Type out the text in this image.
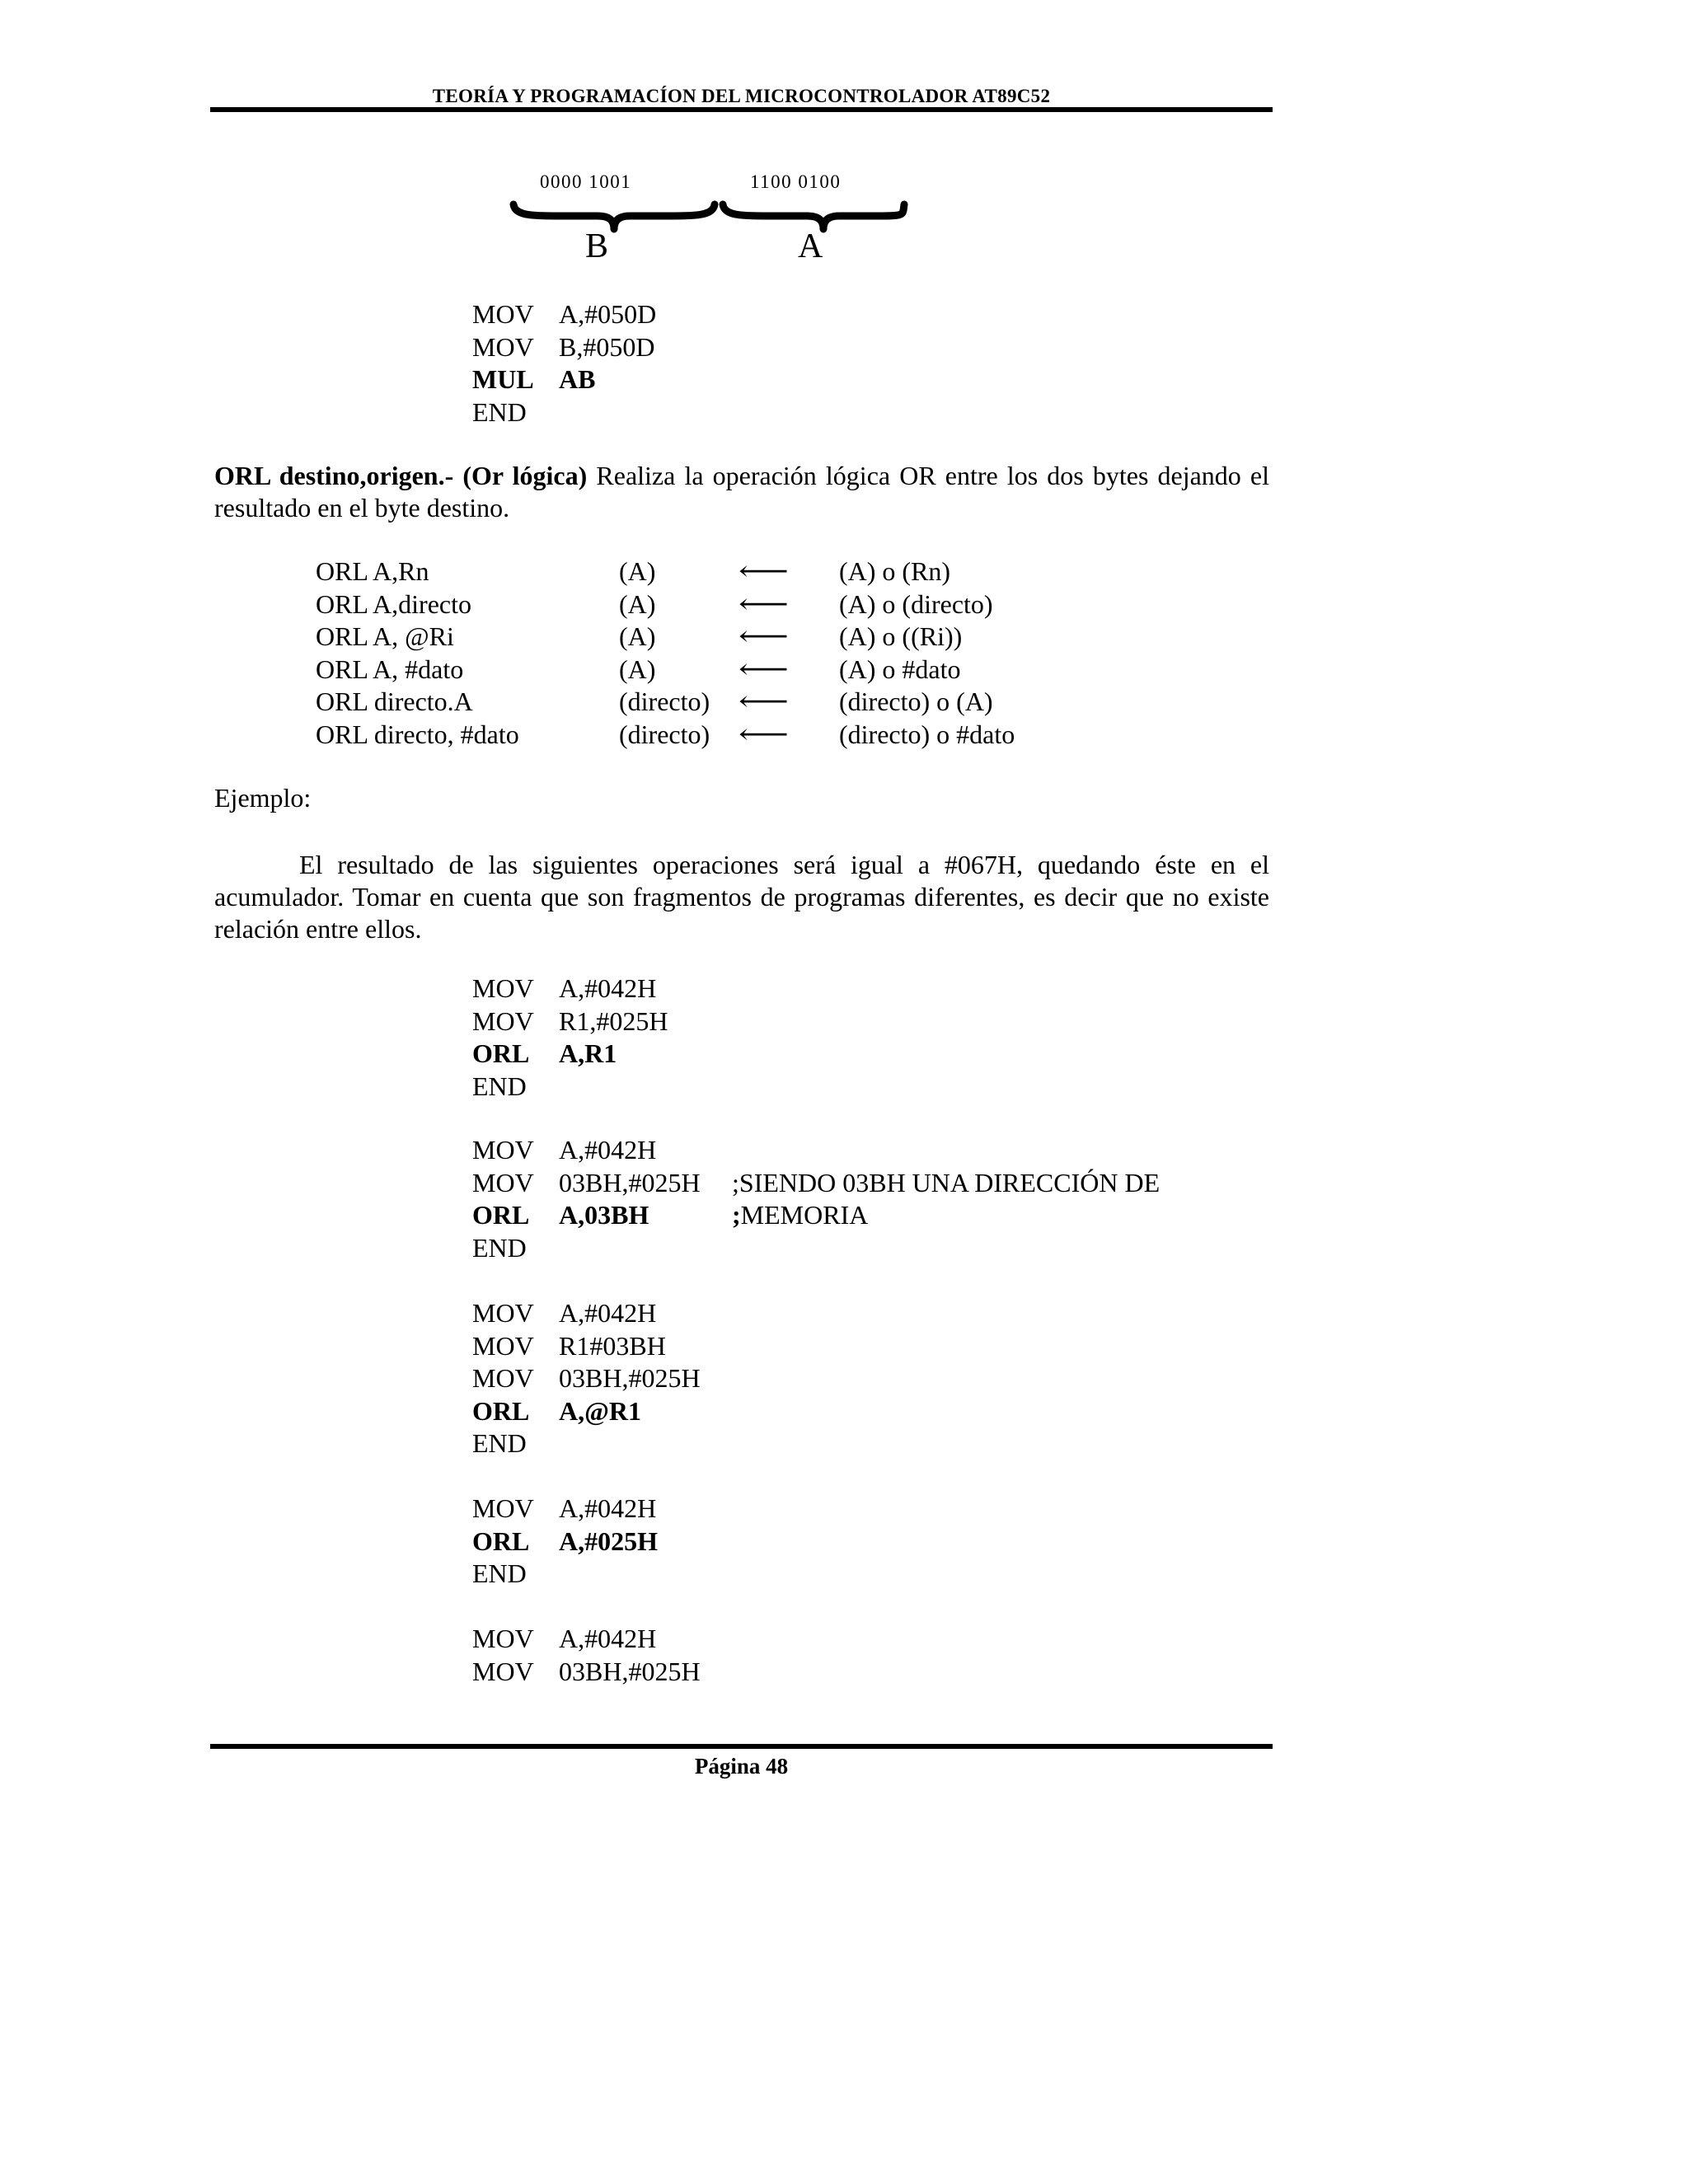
TEORÍA Y PROGRAMACÍON DEL MICROCONTROLADOR AT89C52
0000 1001	1100 0100
B	A
MOV A,#050D
MOV B,#050D
MUL AB
END
ORL destino,origen.- (Or lógica) Realiza la operación lógica OR entre los dos bytes dejando el resultado en el byte destino.
ORL A,Rn	(A)	⟵ (A) o (Rn)
ORL A,directo	(A)	⟵ (A) o (directo)
ORL A, @Ri	(A)	⟵ (A) o ((Ri))
ORL A, #dato	(A)	⟵ (A) o #dato
ORL directo.A	(directo) ⟵ (directo) o (A)
ORL directo, #dato	(directo) ⟵ (directo) o #dato
Ejemplo:
El resultado de las siguientes operaciones será igual a #067H, quedando éste en el acumulador. Tomar en cuenta que son fragmentos de programas diferentes, es decir que no existe relación entre ellos.
MOV A,#042H
MOV R1,#025H
ORL A,R1
END
MOV A,#042H
MOV 03BH,#025H ;SIENDO 03BH UNA DIRECCIÓN DE
ORL A,03BH	;MEMORIA
END
MOV A,#042H
MOV R1#03BH
MOV 03BH,#025H
ORL A,@R1
END
MOV A,#042H
ORL A,#025H
END
MOV A,#042H
MOV 03BH,#025H
Página 48
